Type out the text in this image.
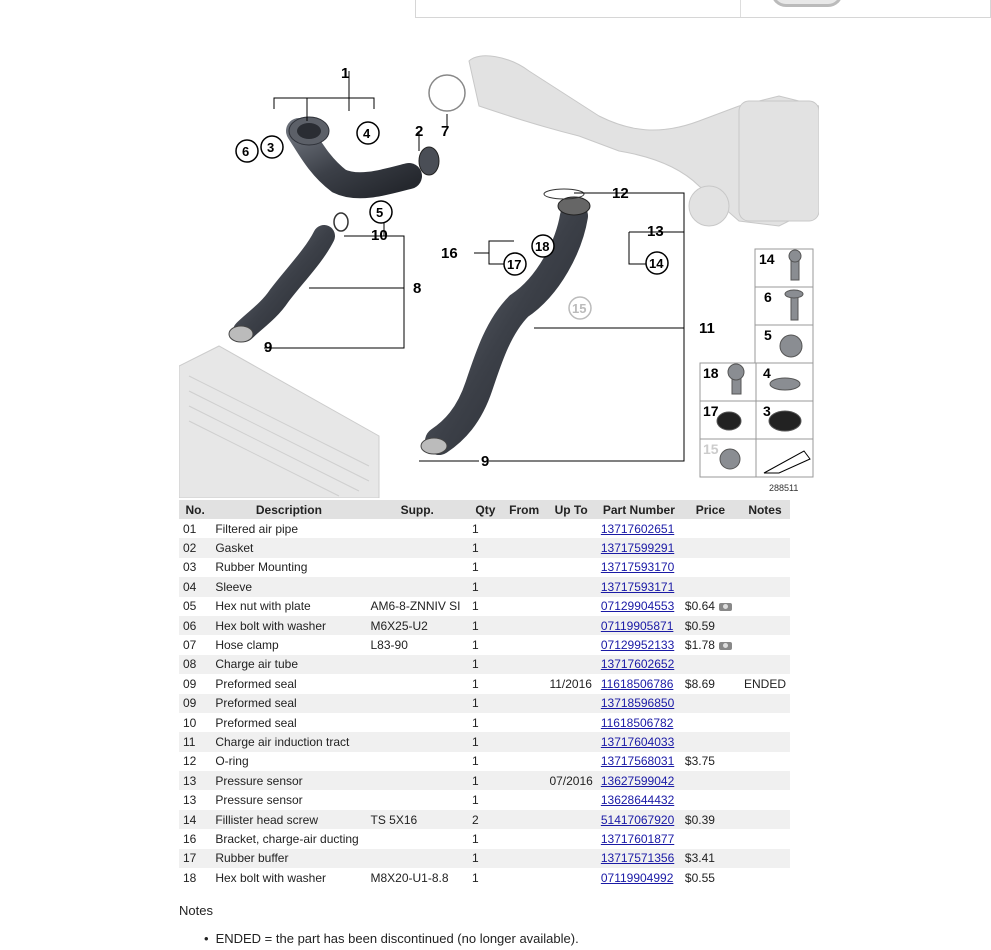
1
2 7
8
9
9
10
11
12
13
16
6 3
4
5
14
17
18
15
14
6
5
18	4
17	3
15
288511
No.	Description	Supp.	Qty	From	Up To	Part Number	Price	Notes
01	Filtered air pipe		1			13717602651		
02	Gasket		1			13717599291		
03	Rubber Mounting		1			13717593170		
04	Sleeve		1			13717593171		
05	Hex nut with plate	AM6-8-ZNNIV SI	1			07129904553	$0.64	
06	Hex bolt with washer	M6X25-U2	1			07119905871	$0.59	
07	Hose clamp	L83-90	1			07129952133	$1.78	
08	Charge air tube		1			13717602652		
09	Preformed seal		1		11/2016	11618506786	$8.69	ENDED
09	Preformed seal		1			13718596850		
10	Preformed seal		1			11618506782		
11	Charge air induction tract		1			13717604033		
12	O-ring		1			13717568031	$3.75	
13	Pressure sensor		1		07/2016	13627599042		
13	Pressure sensor		1			13628644432		
14	Fillister head screw	TS 5X16	2			51417067920	$0.39	
16	Bracket, charge-air ducting		1			13717601877		
17	Rubber buffer		1			13717571356	$3.41	
18	Hex bolt with washer	M8X20-U1-8.8	1			07119904992	$0.55	
Notes
• ENDED = the part has been discontinued (no longer available).
